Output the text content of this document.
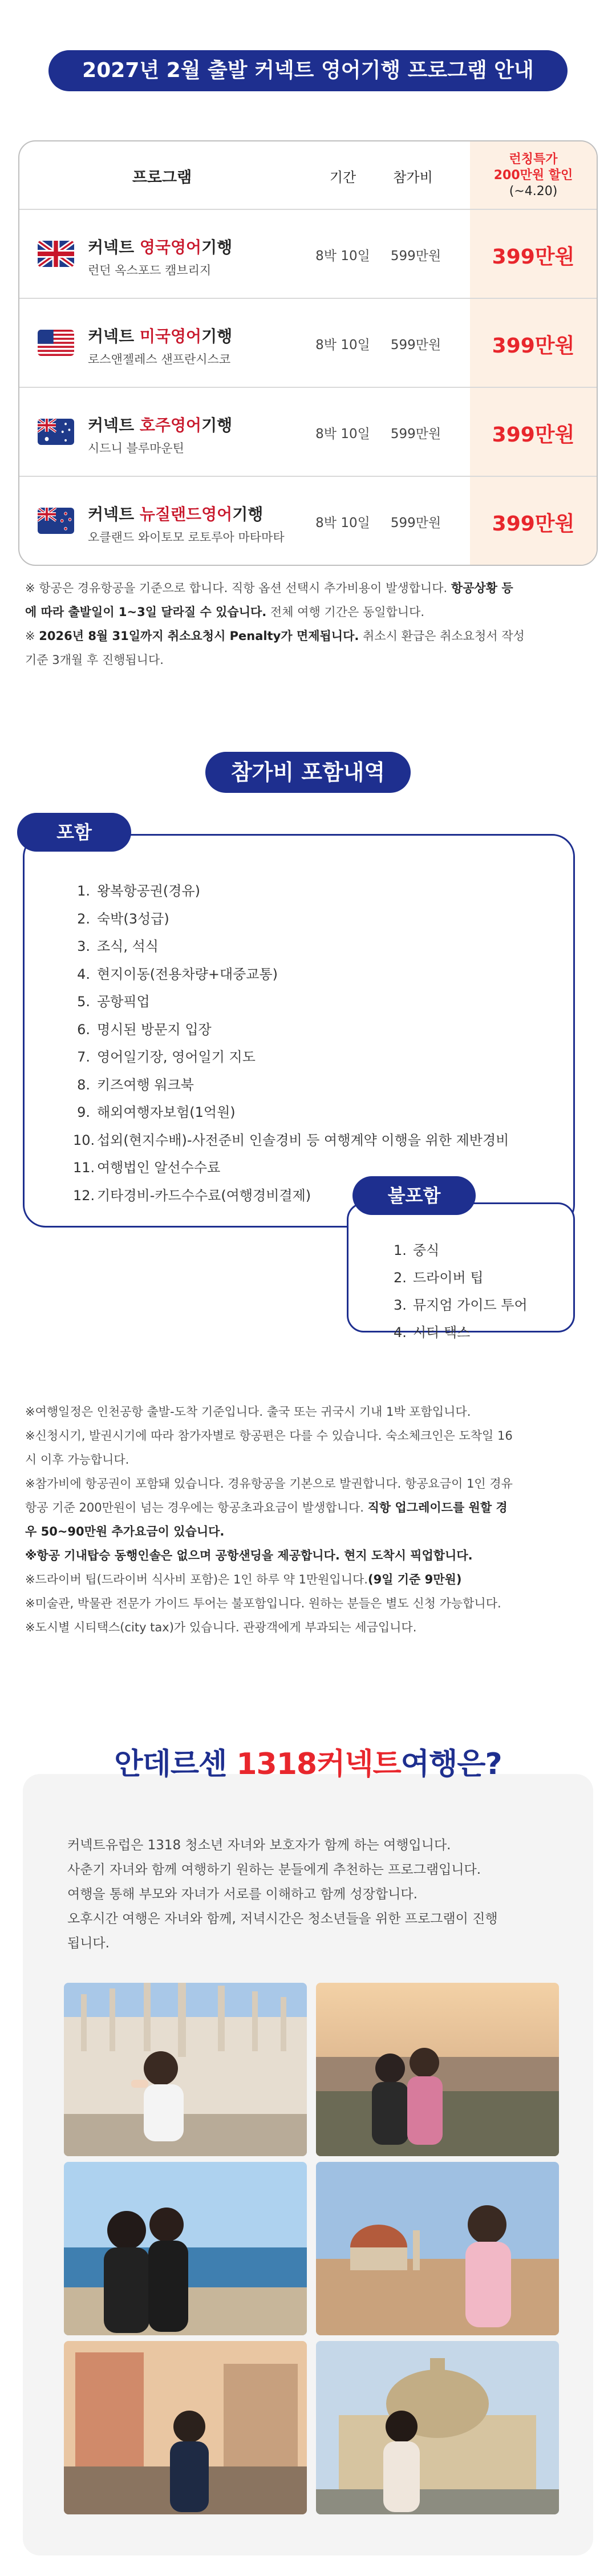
2027년 2월 출발 커넥트 영어기행 프로그램 안내
프로그램	기간	참가비
런칭특가
200만원 할인
(~4.20)
커넥트 영국영어기행
런던 옥스포드 캠브리지
8박 10일	599만원	399만원
커넥트 미국영어기행
로스앤젤레스 샌프란시스코
8박 10일	599만원	399만원
커넥트 호주영어기행
시드니 블루마운틴
8박 10일	599만원	399만원
커넥트 뉴질랜드영어기행
오클랜드 와이토모 로토루아 마타마타
8박 10일	599만원	399만원

※ 항공은 경유항공을 기준으로 합니다. 직항 옵션 선택시 추가비용이 발생합니다. 항공상황 등

에 따라 출발일이 1~3일 달라질 수 있습니다. 전체 여행 기간은 동일합니다.

※ 2026년 8월 31일까지 취소요청시 Penalty가 면제됩니다. 취소시 환급은 취소요청서 작성

기준 3개월 후 진행됩니다.

참가비 포함내역
포함
1. 왕복항공권(경유)
2. 숙박(3성급)
3. 조식, 석식
4. 현지이동(전용차량+대중교통)
5. 공항픽업
6. 명시된 방문지 입장
7. 영어일기장, 영어일기 지도
8. 키즈여행 워크북
9. 해외여행자보험(1억원)
10. 섭외(현지수배)-사전준비 인솔경비 등 여행계약 이행을 위한 제반경비
11. 여행법인 알선수수료
12. 기타경비-카드수수료(여행경비결제)	불포함
1. 중식
2. 드라이버 팁
3. 뮤지엄 가이드 투어
4. 시티 택스

※여행일정은 인천공항 출발-도착 기준입니다. 출국 또는 귀국시 기내 1박 포함입니다.

※신청시기, 발권시기에 따라 참가자별로 항공편은 다를 수 있습니다. 숙소체크인은 도착일 16

시 이후 가능합니다.

※참가비에 항공권이 포함돼 있습니다. 경유항공을 기본으로 발권합니다. 항공요금이 1인 경유

항공 기준 200만원이 넘는 경우에는 항공초과요금이 발생합니다. 직항 업그레이드를 원할 경

우 50~90만원 추가요금이 있습니다.

※항공 기내탑승 동행인솔은 없으며 공항샌딩을 제공합니다. 현지 도착시 픽업합니다.

※드라이버 팁(드라이버 식사비 포함)은 1인 하루 약 1만원입니다.(9일 기준 9만원)

※미술관, 박물관 전문가 가이드 투어는 불포함입니다. 원하는 분들은 별도 신청 가능합니다.

※도시별 시티택스(city tax)가 있습니다. 관광객에게 부과되는 세금입니다.

안데르센 1318커넥트여행은?

커넥트유럽은 1318 청소년 자녀와 보호자가 함께 하는 여행입니다.

사춘기 자녀와 함께 여행하기 원하는 분들에게 추천하는 프로그램입니다.

여행을 통해 부모와 자녀가 서로를 이해하고 함께 성장합니다.

오후시간 여행은 자녀와 함께, 저녁시간은 청소년들을 위한 프로그램이 진행

됩니다.
